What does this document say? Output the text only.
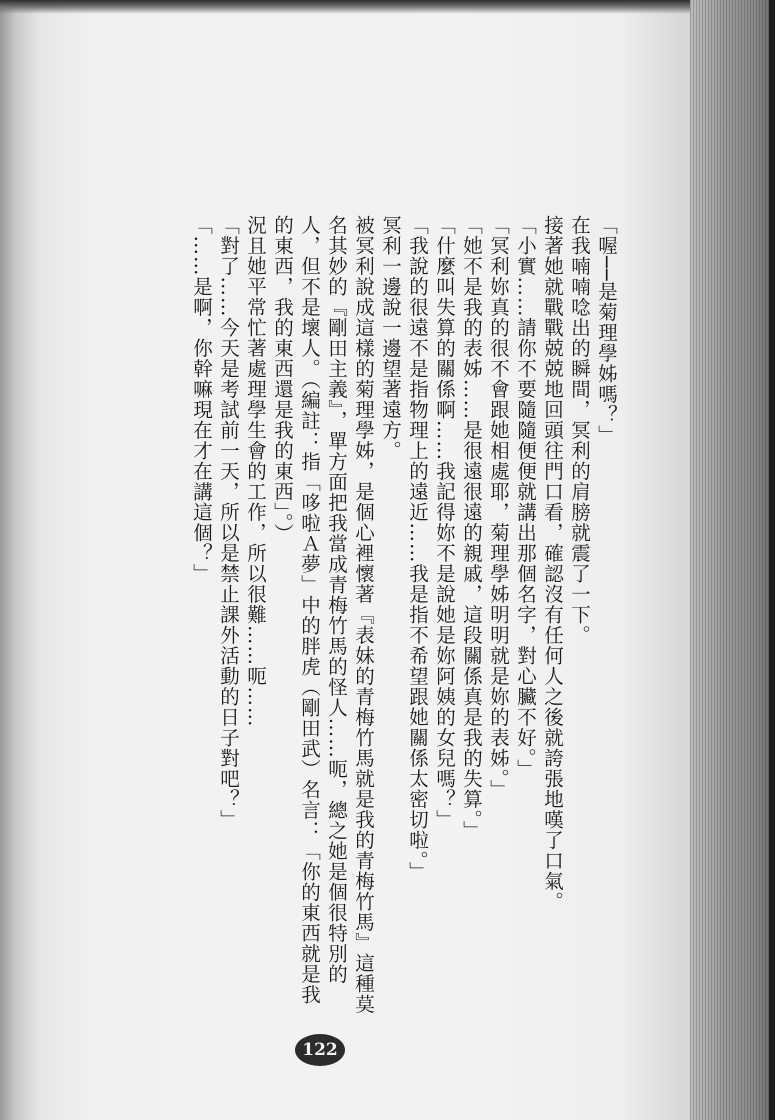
「喔──是菊理學姊嗎？」

在我喃喃唸出的瞬間，冥利的肩膀就震了一下。

接著她就戰戰兢兢地回頭往門口看，確認沒有任何人之後就誇張地嘆了口氣。

「小實……請你不要隨隨便便就講出那個名字，對心臟不好。」

「冥利妳真的很不會跟她相處耶，菊理學姊明明就是妳的表姊。」

「她不是我的表姊……是很遠很遠的親戚，這段關係真是我的失算。」

「什麼叫失算的關係啊……我記得妳不是說她是妳阿姨的女兒嗎？」

「我說的很遠不是指物理上的遠近……我是指不希望跟她關係太密切啦。」

冥利一邊說一邊望著遠方。

被冥利說成這樣的菊理學姊，是個心裡懷著『表妹的青梅竹馬就是我的青梅竹馬』這種莫名其妙的『剛田主義』，單方面把我當成青梅竹馬的怪人……呃，總之她是個很特別的人，但不是壞人。（編註：指「哆啦Ａ夢」中的胖虎（剛田武）名言：「你的東西就是我的東西，我的東西還是我的東西」。）

況且她平常忙著處理學生會的工作，所以很難……呃……

「對了……今天是考試前一天，所以是禁止課外活動的日子對吧？」

「……是啊，你幹嘛現在才在講這個？」

122
